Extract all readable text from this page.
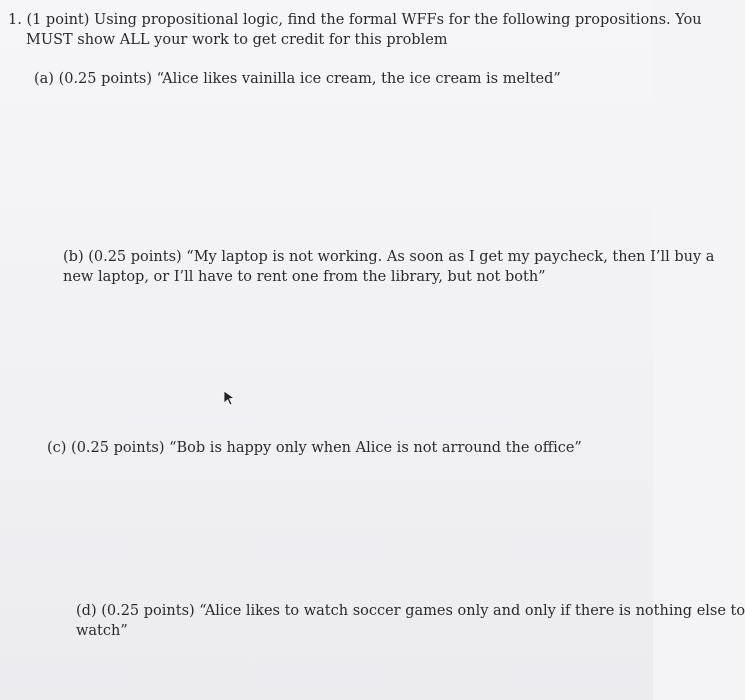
1. (1 point) Using propositional logic, find the formal WFFs for the following propositions. You
MUST show ALL your work to get credit for this problem
(a) (0.25 points) “Alice likes vainilla ice cream, the ice cream is melted”
(b) (0.25 points) “My laptop is not working. As soon as I get my paycheck, then I’ll buy a
new laptop, or I’ll have to rent one from the library, but not both”
(c) (0.25 points) “Bob is happy only when Alice is not arround the office”
(d) (0.25 points) “Alice likes to watch soccer games only and only if there is nothing else to
watch”
